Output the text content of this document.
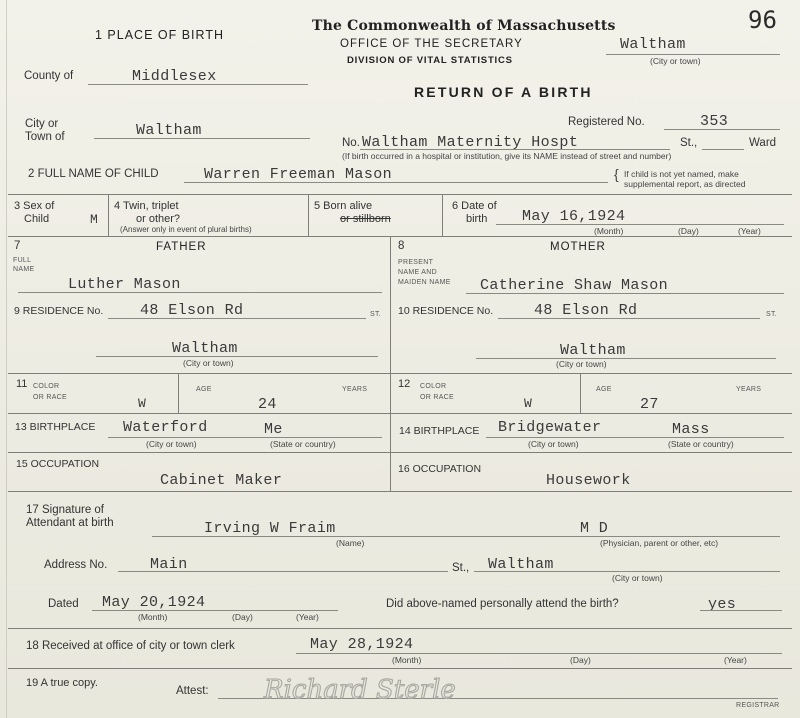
1 PLACE OF BIRTH
The Commonwealth of Massachusetts
OFFICE OF THE SECRETARY
DIVISION OF VITAL STATISTICS
96
Waltham
(City or town)
County of	Middlesex
RETURN OF A BIRTH
City or
Town of	Waltham	Registered No.	353
No. Waltham Maternity Hospt	St.,	Ward
(If birth occurred in a hospital or institution, give its NAME instead of street and number)
2 FULL NAME OF CHILD	Warren Freeman Mason	{ If child is not yet named, make
supplemental report, as directed
3 Sex of
Child	M
4 Twin, triplet
or other?
(Answer only in event of plural births)
5 Born alive
or stillborn
6 Date of
birth	May 16,1924
(Month)	(Day)	(Year)
7	FATHER
FULL
NAME
Luther Mason
9 RESIDENCE No. 48 Elson Rd	ST.
Waltham
(City or town)
11 COLOR
OR RACE	W
AGE
24
YEARS
13 BIRTHPLACE Waterford	Me
(City or town)	(State or country)
15 OCCUPATION
Cabinet Maker
8	MOTHER
PRESENT
NAME AND
MAIDEN NAME Catherine Shaw Mason
10 RESIDENCE No.	48 Elson Rd	ST.
Waltham
(City or town)
12 COLOR
OR RACE	W
AGE
27
YEARS
14 BIRTHPLACE Bridgewater	Mass
(City or town)	(State or country)
16 OCCUPATION
Housework
17 Signature of
Attendant at birth	Irving W Fraim	M D
(Name)	(Physician, parent or other, etc)
Address No.	Main	St., Waltham
(City or town)
Dated May 20,1924
(Month)	(Day)	(Year)
Did above-named personally attend the birth?	yes
18 Received at office of city or town clerk	May 28,1924
(Month)	(Day)	(Year)
19 A true copy.
Attest: Richard Sterle
REGISTRAR
